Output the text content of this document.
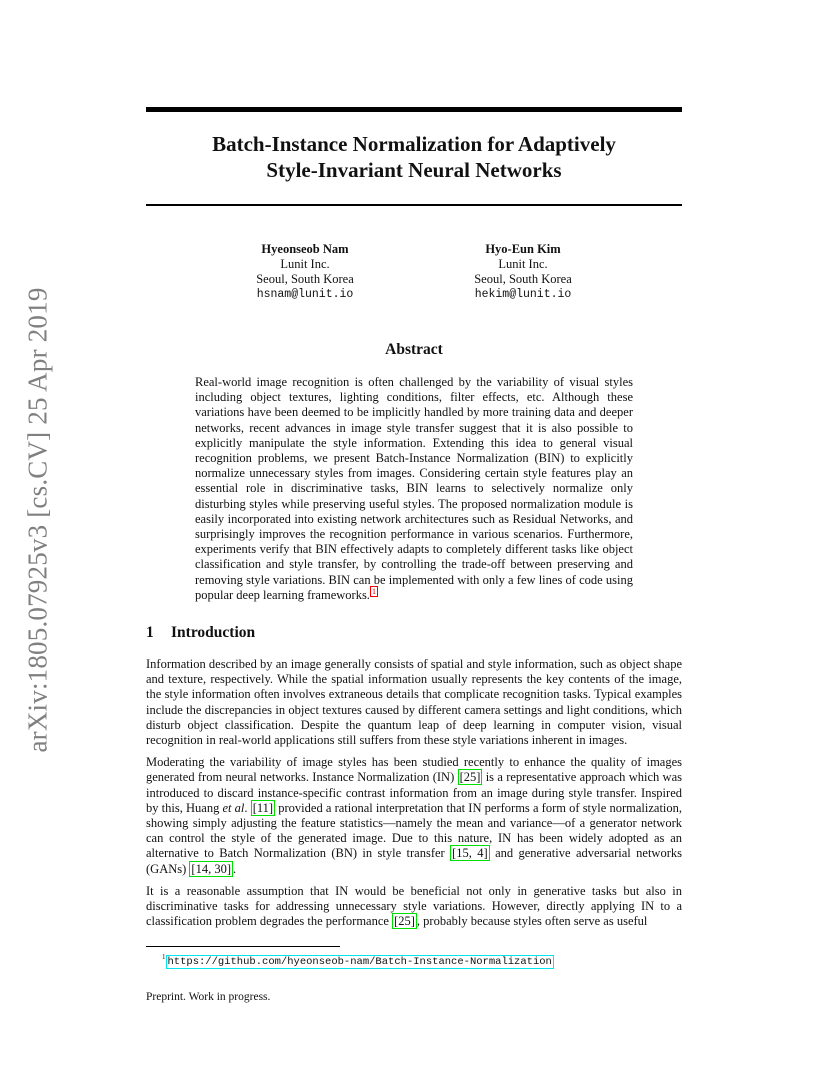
arXiv:1805.07925v3 [cs.CV] 25 Apr 2019
Batch-Instance Normalization for Adaptively
Style-Invariant Neural Networks
Hyeonseob Nam
Lunit Inc.
Seoul, South Korea
hsnam@lunit.io
Hyo-Eun Kim
Lunit Inc.
Seoul, South Korea
hekim@lunit.io
Abstract
Real-world image recognition is often challenged by the variability of visual styles including object textures, lighting conditions, filter effects, etc. Although these variations have been deemed to be implicitly handled by more training data and deeper networks, recent advances in image style transfer suggest that it is also possible to explicitly manipulate the style information. Extending this idea to general visual recognition problems, we present Batch-Instance Normalization (BIN) to explicitly normalize unnecessary styles from images. Considering certain style features play an essential role in discriminative tasks, BIN learns to selectively normalize only disturbing styles while preserving useful styles. The proposed normalization module is easily incorporated into existing network architectures such as Residual Networks, and surprisingly improves the recognition performance in various scenarios. Furthermore, experiments verify that BIN effectively adapts to completely different tasks like object classification and style transfer, by controlling the trade-off between preserving and removing style variations. BIN can be implemented with only a few lines of code using popular deep learning frameworks. $^1$
1 Introduction

Information described by an image generally consists of spatial and style information, such as object shape and texture, respectively. While the spatial information usually represents the key contents of the image, the style information often involves extraneous details that complicate recognition tasks. Typical examples include the discrepancies in object textures caused by different camera settings and light conditions, which disturb object classification. Despite the quantum leap of deep learning in computer vision, visual recognition in real-world applications still suffers from these style variations inherent in images.

Moderating the variability of image styles has been studied recently to enhance the quality of images generated from neural networks. Instance Normalization (IN) [25] is a representative approach which was introduced to discard instance-specific contrast information from an image during style transfer. Inspired by this, Huang et al. [11] provided a rational interpretation that IN performs a form of style normalization, showing simply adjusting the feature statistics—namely the mean and variance—of a generator network can control the style of the generated image. Due to this nature, IN has been widely adopted as an alternative to Batch Normalization (BN) in style transfer [15, 4] and generative adversarial networks (GANs) [14, 30] .

It is a reasonable assumption that IN would be beneficial not only in generative tasks but also in discriminative tasks for addressing unnecessary style variations. However, directly applying IN to a classification problem degrades the performance [25] , probably because styles often serve as useful

$^1$ https://github.com/hyeonseob-nam/Batch-Instance-Normalization
Preprint. Work in progress.
